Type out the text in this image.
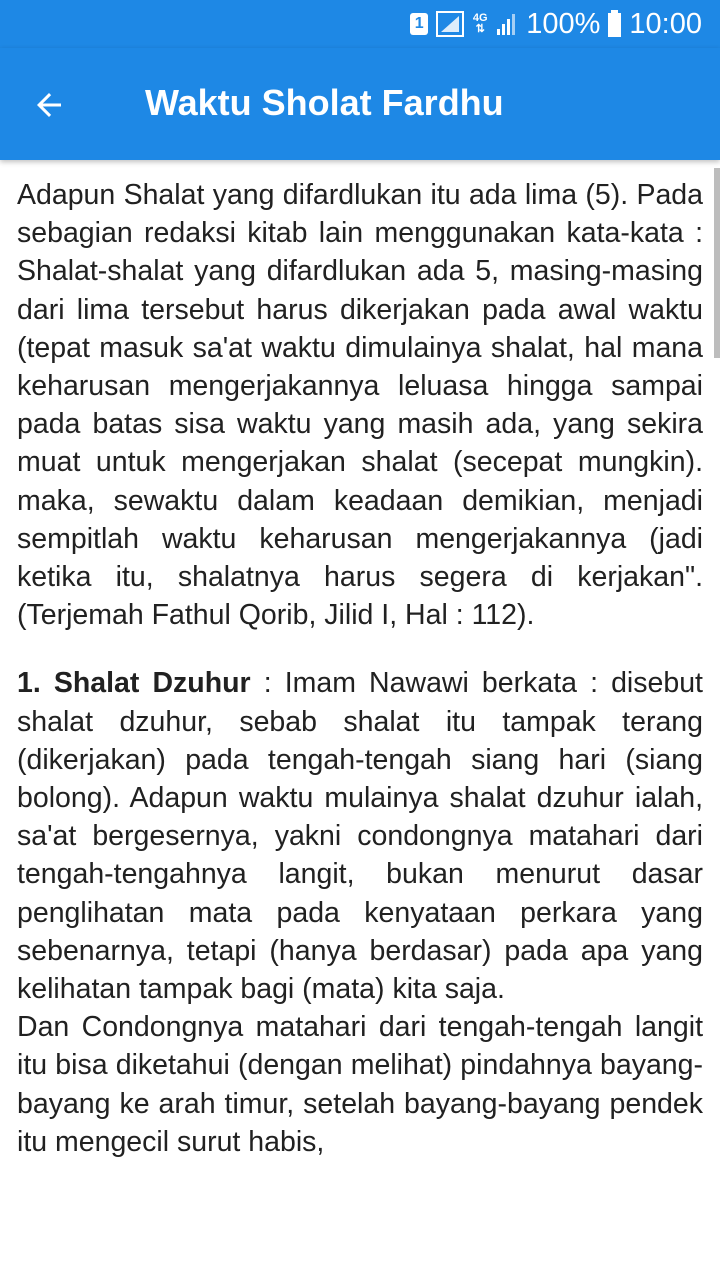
1	4G
⇅ 100% 10:00
Waktu Sholat Fardhu

Adapun Shalat yang difardlukan itu ada lima (5). Pada sebagian redaksi kitab lain menggunakan kata-kata : Shalat-shalat yang difardlukan ada 5, masing-masing dari lima tersebut harus dikerjakan pada awal waktu (tepat masuk sa'at waktu dimulainya shalat, hal mana keharusan mengerjakannya leluasa hingga sampai pada batas sisa waktu yang masih ada, yang sekira muat untuk mengerjakan shalat (secepat mungkin). maka, sewaktu dalam keadaan demikian, menjadi sempitlah waktu keharusan mengerjakannya (jadi ketika itu, shalatnya harus segera di kerjakan". (Terjemah Fathul Qorib, Jilid I, Hal : 112).

1. Shalat Dzuhur : Imam Nawawi berkata : disebut shalat dzuhur, sebab shalat itu tampak terang (dikerjakan) pada tengah-tengah siang hari (siang bolong). Adapun waktu mulainya shalat dzuhur ialah, sa'at bergesernya, yakni condongnya matahari dari tengah-tengahnya langit, bukan menurut dasar penglihatan mata pada kenyataan perkara yang sebenarnya, tetapi (hanya berdasar) pada apa yang kelihatan tampak bagi (mata) kita saja.

Dan Condongnya matahari dari tengah-tengah langit itu bisa diketahui (dengan melihat) pindahnya bayang-bayang ke arah timur, setelah bayang-bayang pendek itu mengecil surut habis,
